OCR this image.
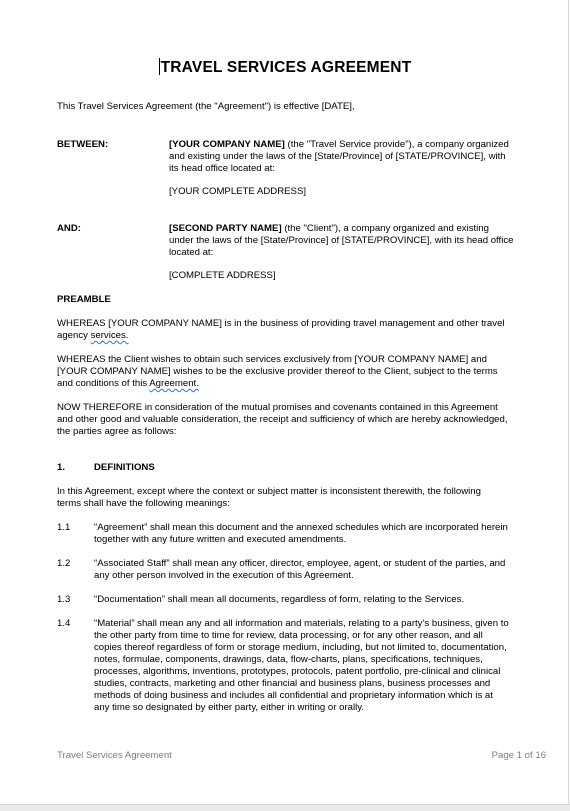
TRAVEL SERVICES AGREEMENT
This Travel Services Agreement (the "Agreement") is effective [DATE],
BETWEEN:	[YOUR COMPANY NAME] (the "Travel Service provide"), a company organized
and existing under the laws of the [State/Province] of [STATE/PROVINCE], with
its head office located at:
[YOUR COMPLETE ADDRESS]
AND:	[SECOND PARTY NAME] (the "Client"), a company organized and existing
under the laws of the [State/Province] of [STATE/PROVINCE], with its head office
located at:
[COMPLETE ADDRESS]
PREAMBLE
WHEREAS [YOUR COMPANY NAME] is in the business of providing travel management and other travel
agency services.
WHEREAS the Client wishes to obtain such services exclusively from [YOUR COMPANY NAME] and
[YOUR COMPANY NAME] wishes to be the exclusive provider thereof to the Client, subject to the terms
and conditions of this Agreement.
NOW THEREFORE in consideration of the mutual promises and covenants contained in this Agreement
and other good and valuable consideration, the receipt and sufficiency of which are hereby acknowledged,
the parties agree as follows:
1.	DEFINITIONS
In this Agreement, except where the context or subject matter is inconsistent therewith, the following
terms shall have the following meanings:
1.1 “Agreement” shall mean this document and the annexed schedules which are incorporated herein
together with any future written and executed amendments.
1.2 “Associated Staff” shall mean any officer, director, employee, agent, or student of the parties, and
any other person involved in the execution of this Agreement.
1.3 “Documentation” shall mean all documents, regardless of form, relating to the Services.
1.4 “Material” shall mean any and all information and materials, relating to a party’s business, given to
the other party from time to time for review, data processing, or for any other reason, and all
copies thereof regardless of form or storage medium, including, but not limited to, documentation,
notes, formulae, components, drawings, data, flow-charts, plans, specifications, techniques,
processes, algorithms, inventions, prototypes, protocols, patent portfolio, pre-clinical and clinical
studies, contracts, marketing and other financial and business plans, business processes and
methods of doing business and includes all confidential and proprietary information which is at
any time so designated by either party, either in writing or orally.
Travel Services Agreement	Page 1 of 16
